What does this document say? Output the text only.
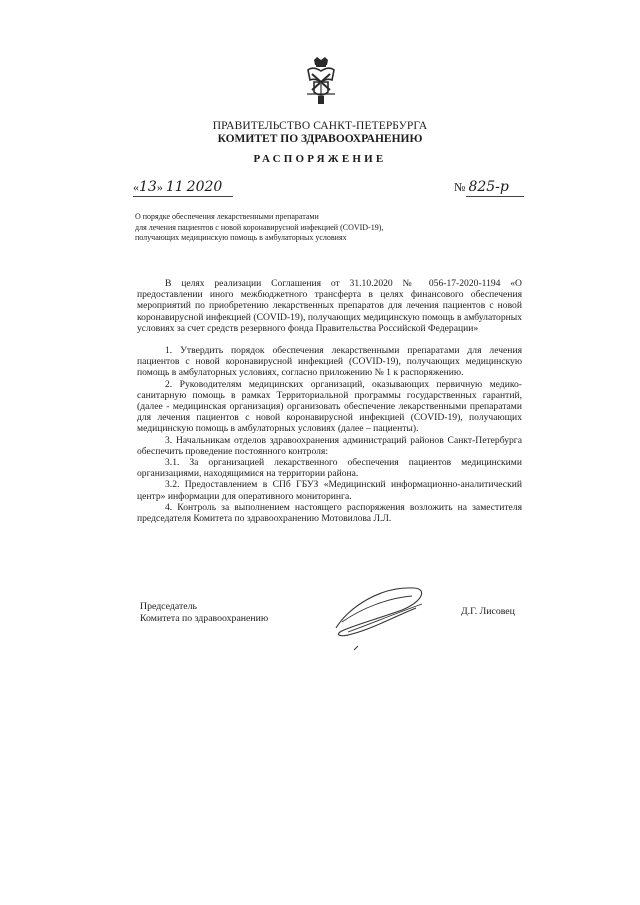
ПРАВИТЕЛЬСТВО САНКТ-ПЕТЕРБУРГА
КОМИТЕТ ПО ЗДРАВООХРАНЕНИЮ
РАСПОРЯЖЕНИЕ
«13» 11 2020	№ 825-р
О порядке обеспечения лекарственными препаратами
для лечения пациентов с новой коронавирусной инфекцией (COVID-19),
получающих медицинскую помощь в амбулаторных условиях

В целях реализации Соглашения от 31.10.2020 № 056-17-2020-1194 «О предоставлении иного межбюджетного трансферта в целях финансового обеспечения мероприятий по приобретению лекарственных препаратов для лечения пациентов с новой коронавирусной инфекцией (COVID-19), получающих медицинскую помощь в амбулаторных условиях за счет средств резервного фонда Правительства Российской Федерации»

1. Утвердить порядок обеспечения лекарственными препаратами для лечения пациентов с новой коронавирусной инфекцией (COVID-19), получающих медицинскую помощь в амбулаторных условиях, согласно приложению № 1 к распоряжению.

2. Руководителям медицинских организаций, оказывающих первичную медико-санитарную помощь в рамках Территориальной программы государственных гарантий, (далее - медицинская организация) организовать обеспечение лекарственными препаратами для лечения пациентов с новой коронавирусной инфекцией (COVID-19), получающих медицинскую помощь в амбулаторных условиях (далее – пациенты).

3. Начальникам отделов здравоохранения администраций районов Санкт-Петербурга обеспечить проведение постоянного контроля:

3.1. За организацией лекарственного обеспечения пациентов медицинскими организациями, находящимися на территории района.

3.2. Предоставлением в СПб ГБУЗ «Медицинский информационно-аналитический центр» информации для оперативного мониторинга.

4. Контроль за выполнением настоящего распоряжения возложить на заместителя председателя Комитета по здравоохранению Мотовилова Л.Л.

Председатель
Комитета по здравоохранению
Д.Г. Лисовец
